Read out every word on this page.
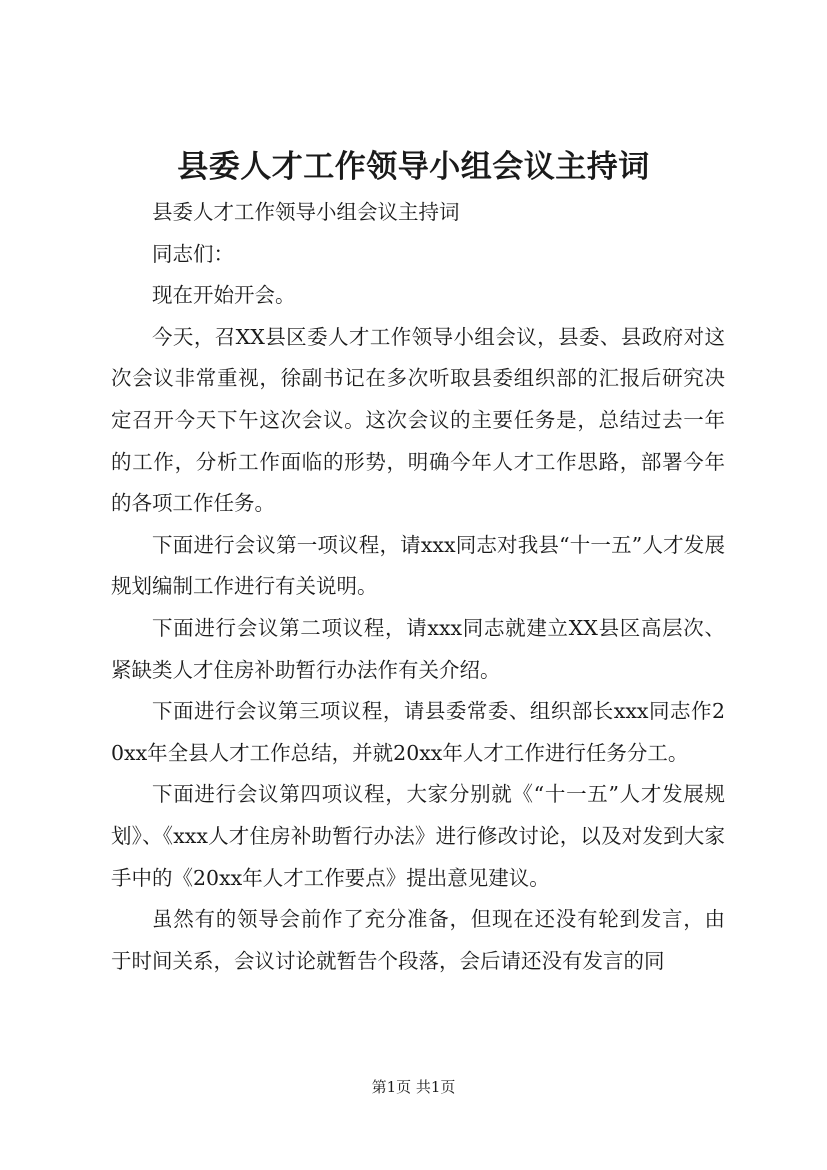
县委人才工作领导小组会议主持词

县委人才工作领导小组会议主持词

同志们：

现在开始开会。

今天，召XX县区委人才工作领导小组会议，县委、县政府对这次会议非常重视，徐副书记在多次听取县委组织部的汇报后研究决定召开今天下午这次会议。这次会议的主要任务是，总结过去一年的工作，分析工作面临的形势，明确今年人才工作思路，部署今年的各项工作任务。

下面进行会议第一项议程，请xxx同志对我县“十一五”人才发展规划编制工作进行有关说明。

下面进行会议第二项议程，请xxx同志就建立XX县区高层次、紧缺类人才住房补助暂行办法作有关介绍。

下面进行会议第三项议程，请县委常委、组织部长xxx同志作20xx年全县人才工作总结，并就20xx年人才工作进行任务分工。

下面进行会议第四项议程，大家分别就《“十一五”人才发展规划》、《xxx人才住房补助暂行办法》进行修改讨论，以及对发到大家手中的《20xx年人才工作要点》提出意见建议。

虽然有的领导会前作了充分准备，但现在还没有轮到发言，由于时间关系，会议讨论就暂告个段落，会后请还没有发言的同

第1页 共1页
